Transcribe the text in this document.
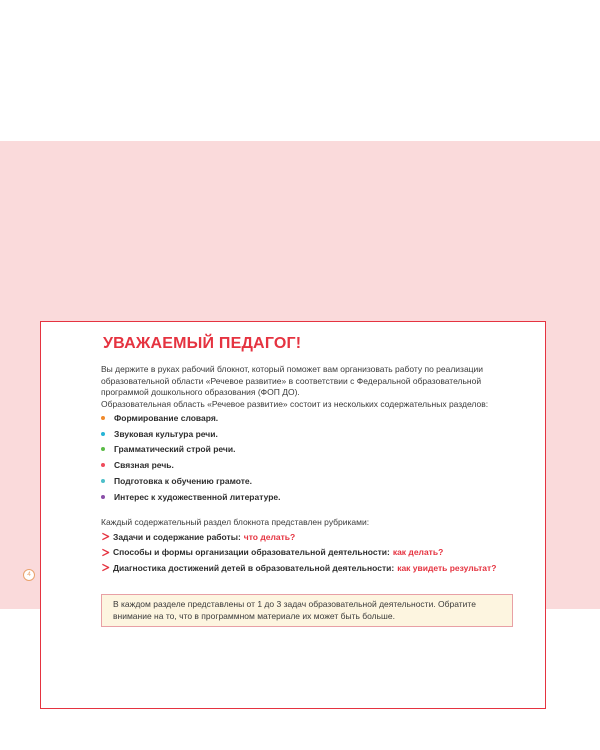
УВАЖАЕМЫЙ ПЕДАГОГ!
Вы держите в руках рабочий блокнот, который поможет вам организовать работу по реализации
образовательной области «Речевое развитие» в соответствии с Федеральной образовательной
программой дошкольного образования (ФОП ДО).
Образовательная область «Речевое развитие» состоит из нескольких содержательных разделов:
Формирование словаря.
Звуковая культура речи.
Грамматический строй речи.
Связная речь.
Подготовка к обучению грамоте.
Интерес к художественной литературе.
Каждый содержательный раздел блокнота представлен рубриками:
Задачи и содержание работы: что делать?
Способы и формы организации образовательной деятельности: как делать?
Диагностика достижений детей в образовательной деятельности: как увидеть результат?
В каждом разделе представлены от 1 до 3 задач образовательной деятельности. Обратите
внимание на то, что в программном материале их может быть больше.
4
